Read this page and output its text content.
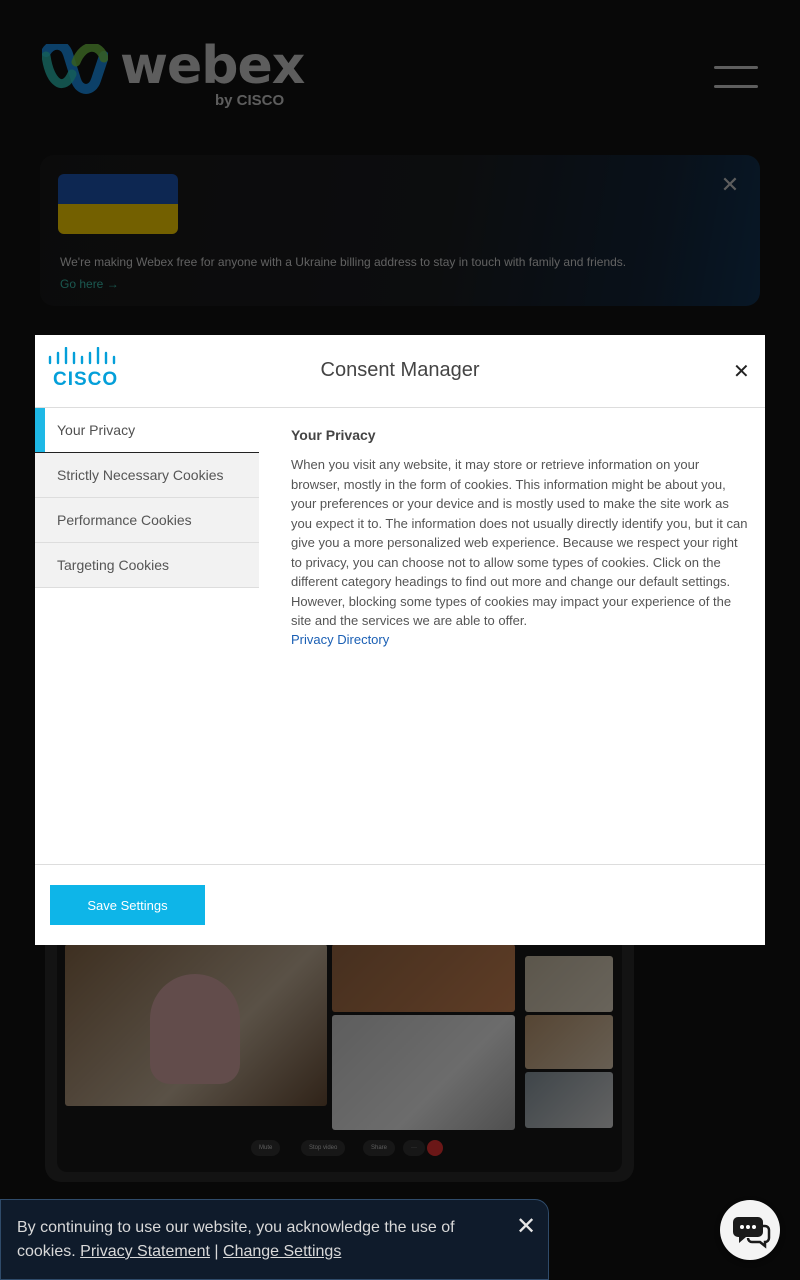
By continuing to use our website, you acknowledge the use of cookies. Privacy Statement | Change Settings
✕
CISCO	Consent Manager	✕
Your Privacy
Strictly Necessary Cookies
Performance Cookies
Targeting Cookies
Your Privacy

When you visit any website, it may store or retrieve information on your browser, mostly in the form of cookies. This information might be about you, your preferences or your device and is mostly used to make the site work as you expect it to. The information does not usually directly identify you, but it can give you a more personalized web experience. Because we respect your right to privacy, you can choose not to allow some types of cookies. Click on the different category headings to find out more and change our default settings. However, blocking some types of cookies may impact your experience of the site and the services we are able to offer.

Privacy Directory
Save Settings
